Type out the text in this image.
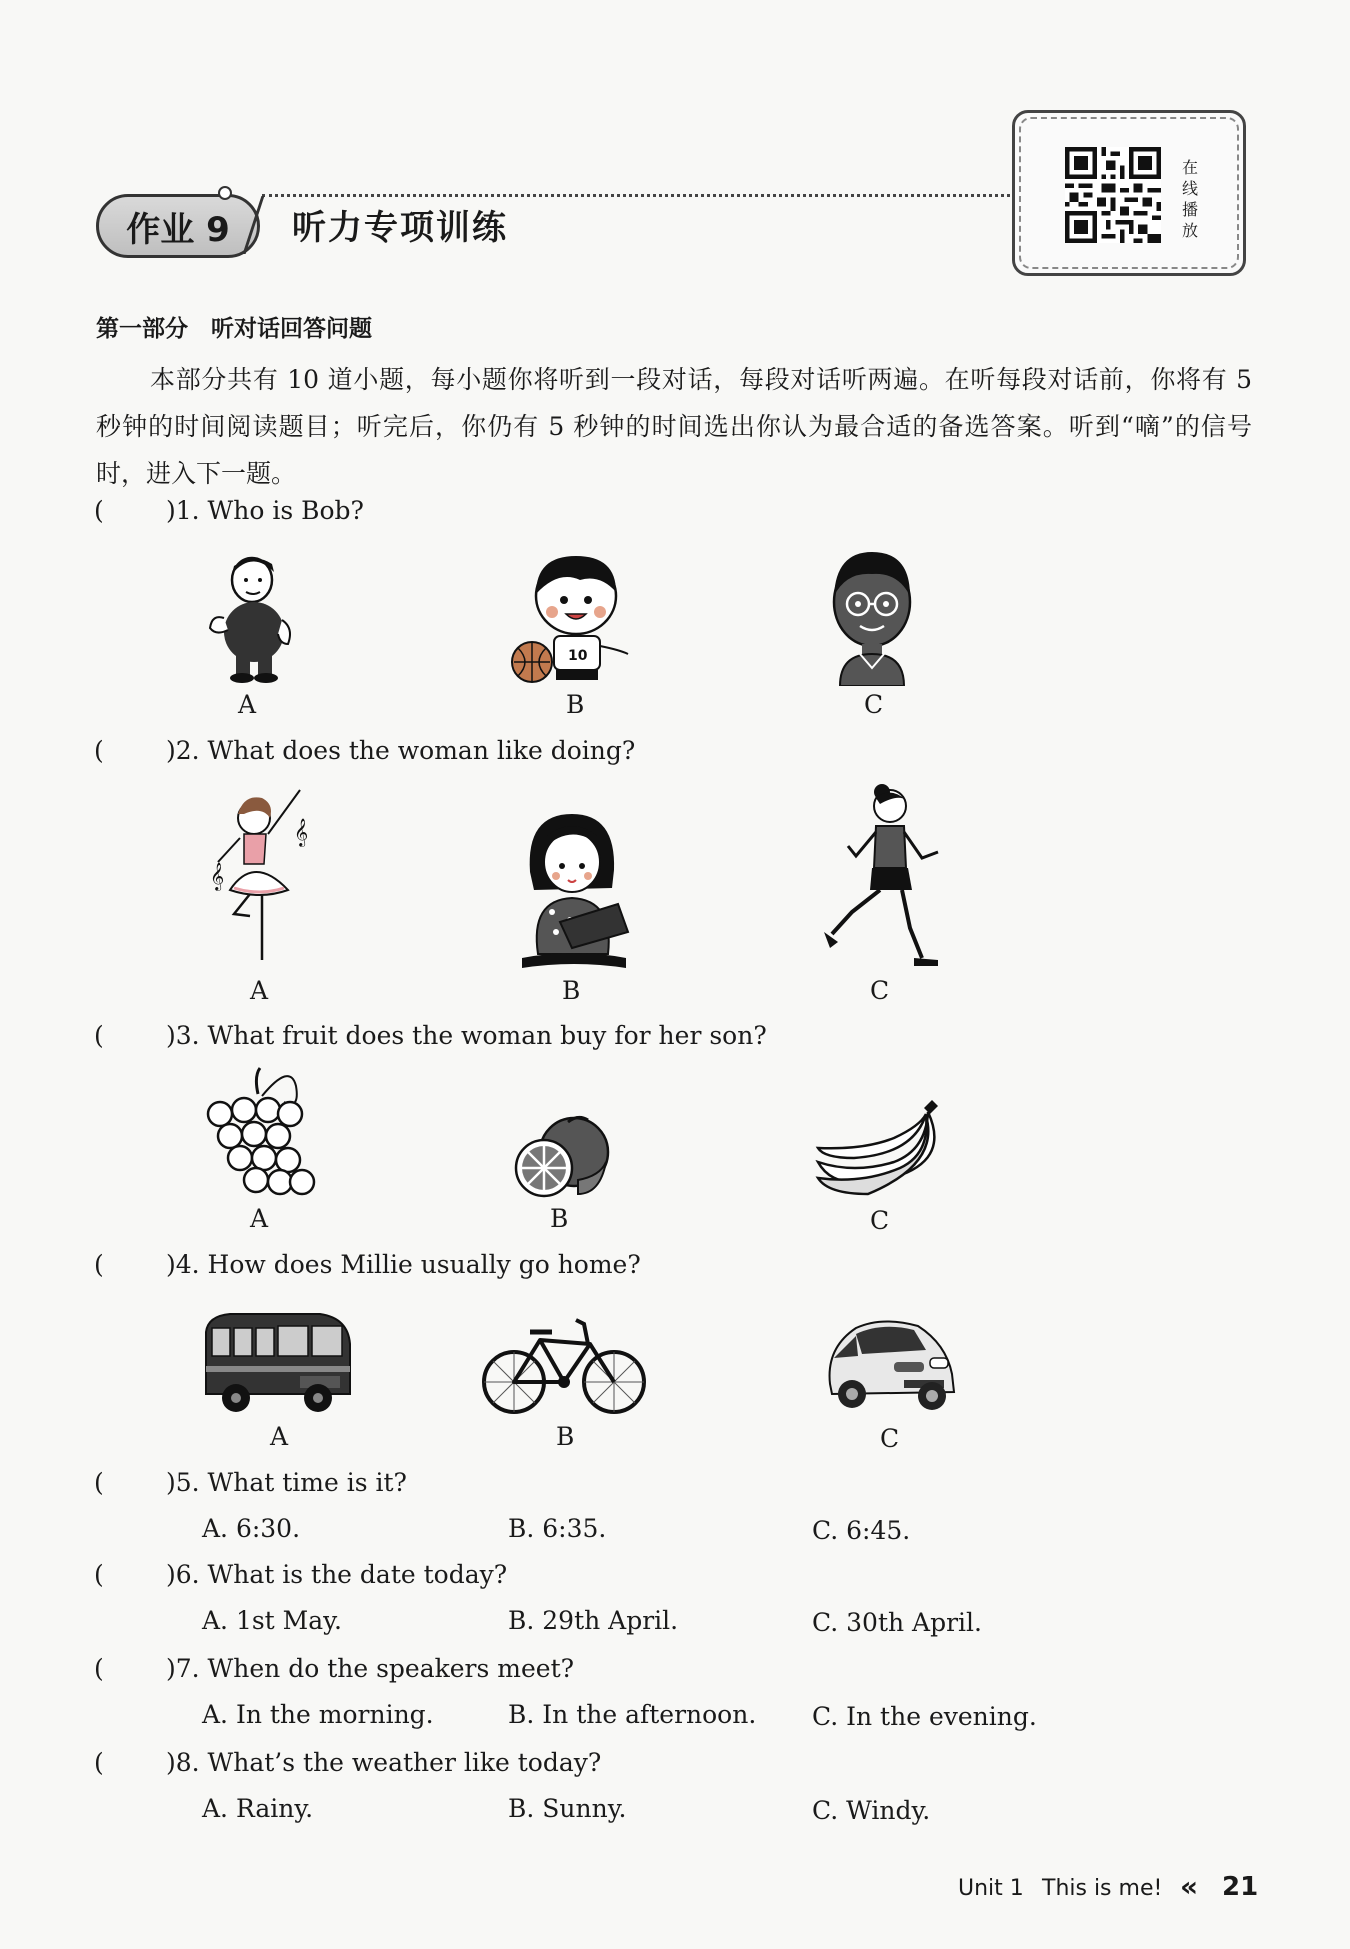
作业 9	听力专项训练
在
线
播
放
第一部分　听对话回答问题
本部分共有 10 道小题，每小题你将听到一段对话，每段对话听两遍。在听每段对话前，你将有 5 秒钟的时间阅读题目；听完后，你仍有 5 秒钟的时间选出你认为最合适的备选答案。听到“嘀”的信号时，进入下一题。
( )1. Who is Bob?
10
A	B	C
( )2. What does the woman like doing?
𝄞
𝄞
A	B	C
( )3. What fruit does the woman buy for her son?
A	B	C
( )4. How does Millie usually go home?
A	B	C
( )5. What time is it?
A. 6:30.	B. 6:35.	C. 6:45.
( )6. What is the date today?
A. 1st May.	B. 29th April.	C. 30th April.
( )7. When do the speakers meet?
A. In the morning.	B. In the afternoon. C. In the evening.
( )8. What’s the weather like today?
A. Rainy.	B. Sunny.	C. Windy.
Unit 1 This is me! « 21
